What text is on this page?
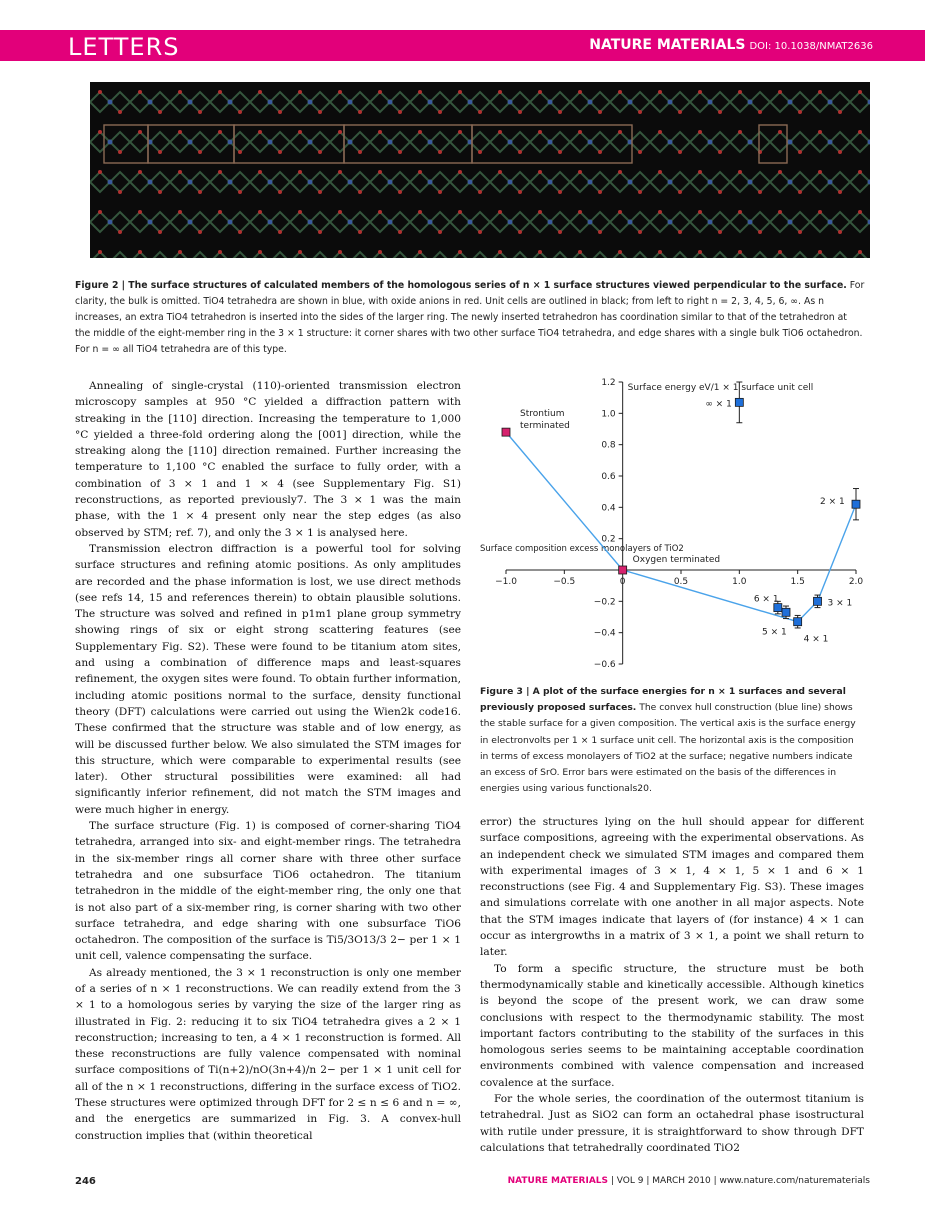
LETTERS	NATURE MATERIALS DOI: 10.1038/NMAT2636
Figure 2 | The surface structures of calculated members of the homologous series of n × 1 surface structures viewed perpendicular to the surface. For clarity, the bulk is omitted. TiO4 tetrahedra are shown in blue, with oxide anions in red. Unit cells are outlined in black; from left to right n = 2, 3, 4, 5, 6, ∞. As n increases, an extra TiO4 tetrahedron is inserted into the sides of the larger ring. The newly inserted tetrahedron has coordination similar to that of the tetrahedron at the middle of the eight-member ring in the 3 × 1 structure: it corner shares with two other surface TiO4 tetrahedra, and edge shares with a single bulk TiO6 octahedron. For n = ∞ all TiO4 tetrahedra are of this type.

Annealing of single-crystal (110)-oriented transmission electron microscopy samples at 950 °C yielded a diffraction pattern with streaking in the [110] direction. Increasing the temperature to 1,000 °C yielded a three-fold ordering along the [001] direction, while the streaking along the [110] direction remained. Further increasing the temperature to 1,100 °C enabled the surface to fully order, with a combination of 3 × 1 and 1 × 4 (see Supplementary Fig. S1) reconstructions, as reported previously7. The 3 × 1 was the main phase, with the 1 × 4 present only near the step edges (as also observed by STM; ref. 7), and only the 3 × 1 is analysed here.

Transmission electron diffraction is a powerful tool for solving surface structures and refining atomic positions. As only amplitudes are recorded and the phase information is lost, we use direct methods (see refs 14, 15 and references therein) to obtain plausible solutions. The structure was solved and refined in p1m1 plane group symmetry showing rings of six or eight strong scattering features (see Supplementary Fig. S2). These were found to be titanium atom sites, and using a combination of difference maps and least-squares refinement, the oxygen sites were found. To obtain further information, including atomic positions normal to the surface, density functional theory (DFT) calculations were carried out using the Wien2k code16. These confirmed that the structure was stable and of low energy, as will be discussed further below. We also simulated the STM images for this structure, which were comparable to experimental results (see later). Other structural possibilities were examined: all had significantly inferior refinement, did not match the STM images and were much higher in energy.

The surface structure (Fig. 1) is composed of corner-sharing TiO4 tetrahedra, arranged into six- and eight-member rings. The tetrahedra in the six-member rings all corner share with three other surface tetrahedra and one subsurface TiO6 octahedron. The titanium tetrahedron in the middle of the eight-member ring, the only one that is not also part of a six-member ring, is corner sharing with two other surface tetrahedra, and edge sharing with one subsurface TiO6 octahedron. The composition of the surface is Ti5/3O13/3 2− per 1 × 1 unit cell, valence compensating the surface.

As already mentioned, the 3 × 1 reconstruction is only one member of a series of n × 1 reconstructions. We can readily extend from the 3 × 1 to a homologous series by varying the size of the larger ring as illustrated in Fig. 2: reducing it to six TiO4 tetrahedra gives a 2 × 1 reconstruction; increasing to ten, a 4 × 1 reconstruction is formed. All these reconstructions are fully valence compensated with nominal surface compositions of Ti(n+2)/nO(3n+4)/n 2− per 1 × 1 unit cell for all of the n × 1 reconstructions, differing in the surface excess of TiO2. These structures were optimized through DFT for 2 ≤ n ≤ 6 and n = ∞, and the energetics are summarized in Fig. 3. A convex-hull construction implies that (within theoretical

−1.0	−0.5	0	0.5	1.0	1.5	2.0
−0.6
−0.4
−0.2
0.2
0.4
0.6
0.8
1.0
1.2 Surface energy eV/1 × 1 surface unit cell
Surface composition excess monolayers of TiO2
Strontium
terminated
Oxygen terminated
6 × 1
5 × 1
4 × 1
3 × 1
2 × 1
∞ × 1
Figure 3 | A plot of the surface energies for n × 1 surfaces and several previously proposed surfaces. The convex hull construction (blue line) shows the stable surface for a given composition. The vertical axis is the surface energy in electronvolts per 1 × 1 surface unit cell. The horizontal axis is the composition in terms of excess monolayers of TiO2 at the surface; negative numbers indicate an excess of SrO. Error bars were estimated on the basis of the differences in energies using various functionals20.

error) the structures lying on the hull should appear for different surface compositions, agreeing with the experimental observations. As an independent check we simulated STM images and compared them with experimental images of 3 × 1, 4 × 1, 5 × 1 and 6 × 1 reconstructions (see Fig. 4 and Supplementary Fig. S3). These images and simulations correlate with one another in all major aspects. Note that the STM images indicate that layers of (for instance) 4 × 1 can occur as intergrowths in a matrix of 3 × 1, a point we shall return to later.

To form a specific structure, the structure must be both thermodynamically stable and kinetically accessible. Although kinetics is beyond the scope of the present work, we can draw some conclusions with respect to the thermodynamic stability. The most important factors contributing to the stability of the surfaces in this homologous series seems to be maintaining acceptable coordination environments combined with valence compensation and increased covalence at the surface.

For the whole series, the coordination of the outermost titanium is tetrahedral. Just as SiO2 can form an octahedral phase isostructural with rutile under pressure, it is straightforward to show through DFT calculations that tetrahedrally coordinated TiO2

246	NATURE MATERIALS | VOL 9 | MARCH 2010 | www.nature.com/naturematerials
